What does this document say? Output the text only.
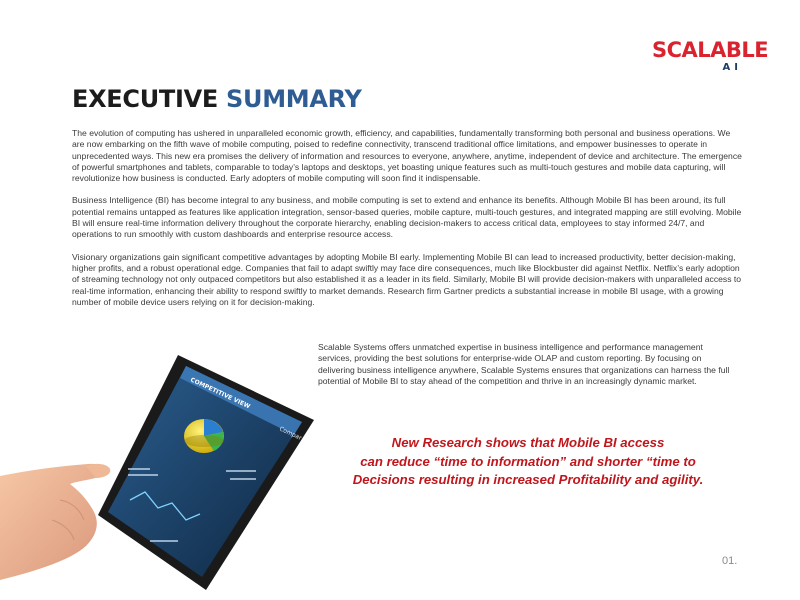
SCALABLE
AI
EXECUTIVE SUMMARY

The evolution of computing has ushered in unparalleled economic growth, efficiency, and capabilities, fundamentally transforming both personal and business operations. We are now embarking on the fifth wave of mobile computing, poised to redefine connectivity, transcend traditional office limitations, and empower businesses to operate in unprecedented ways. This new era promises the delivery of information and resources to everyone, anywhere, anytime, independent of device and architecture. The emergence of powerful smartphones and tablets, comparable to today’s laptops and desktops, yet boasting unique features such as multi-touch gestures and mobile data capturing, will revolutionize how business is conducted. Early adopters of mobile computing will soon find it indispensable.

Business Intelligence (BI) has become integral to any business, and mobile computing is set to extend and enhance its benefits. Although Mobile BI has been around, its full potential remains untapped as features like application integration, sensor-based queries, mobile capture, multi-touch gestures, and integrated mapping are still evolving. Mobile BI will ensure real-time information delivery throughout the corporate hierarchy, enabling decision-makers to access critical data, employees to stay informed 24/7, and operations to run smoothly with custom dashboards and enterprise resource access.

Visionary organizations gain significant competitive advantages by adopting Mobile BI early. Implementing Mobile BI can lead to increased productivity, better decision-making, higher profits, and a robust operational edge. Companies that fail to adapt swiftly may face dire consequences, much like Blockbuster did against Netflix. Netflix’s early adoption of streaming technology not only outpaced competitors but also established it as a leader in its field. Similarly, Mobile BI will provide decision-makers with unparalleled access to real-time information, enhancing their ability to respond swiftly to market demands. Research firm Gartner predicts a substantial increase in mobile BI usage, with a growing number of mobile device users relying on it for decision-making.

COMPETITIVE VIEW
Compar

Scalable Systems offers unmatched expertise in business intelligence and performance management services, providing the best solutions for enterprise-wide OLAP and custom reporting. By focusing on delivering business intelligence anywhere, Scalable Systems ensures that organizations can harness the full potential of Mobile BI to stay ahead of the competition and thrive in an increasingly dynamic market.

New Research shows that Mobile BI access
can reduce “time to information” and shorter “time to
Decisions resulting in increased Profitability and agility.
01.
